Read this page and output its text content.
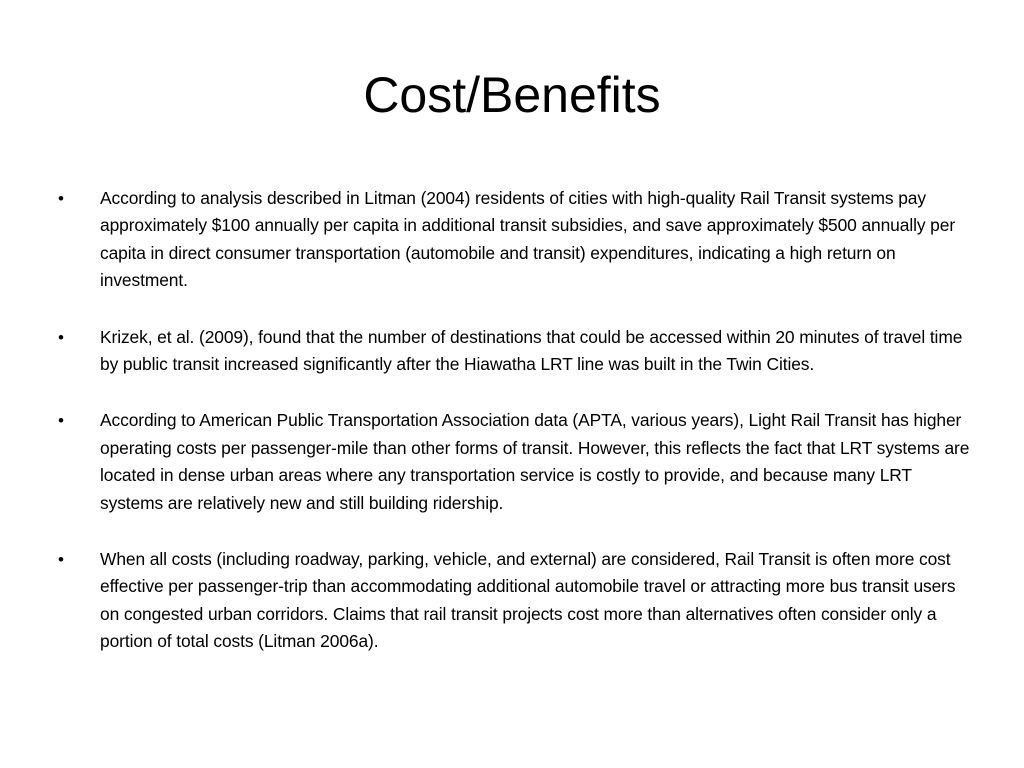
Cost/Benefits
•	According to analysis described in Litman (2004) residents of cities with high-quality Rail Transit systems pay approximately $100 annually per capita in additional transit subsidies, and save approximately $500 annually per capita in direct consumer transportation (automobile and transit) expenditures, indicating a high return on investment.
•	Krizek, et al. (2009), found that the number of destinations that could be accessed within 20 minutes of travel time by public transit increased significantly after the Hiawatha LRT line was built in the Twin Cities.
•	According to American Public Transportation Association data (APTA, various years), Light Rail Transit has higher operating costs per passenger-mile than other forms of transit. However, this reflects the fact that LRT systems are located in dense urban areas where any transportation service is costly to provide, and because many LRT systems are relatively new and still building ridership.
•	When all costs (including roadway, parking, vehicle, and external) are considered, Rail Transit is often more cost effective per passenger-trip than accommodating additional automobile travel or attracting more bus transit users on congested urban corridors. Claims that rail transit projects cost more than alternatives often consider only a portion of total costs (Litman 2006a).
